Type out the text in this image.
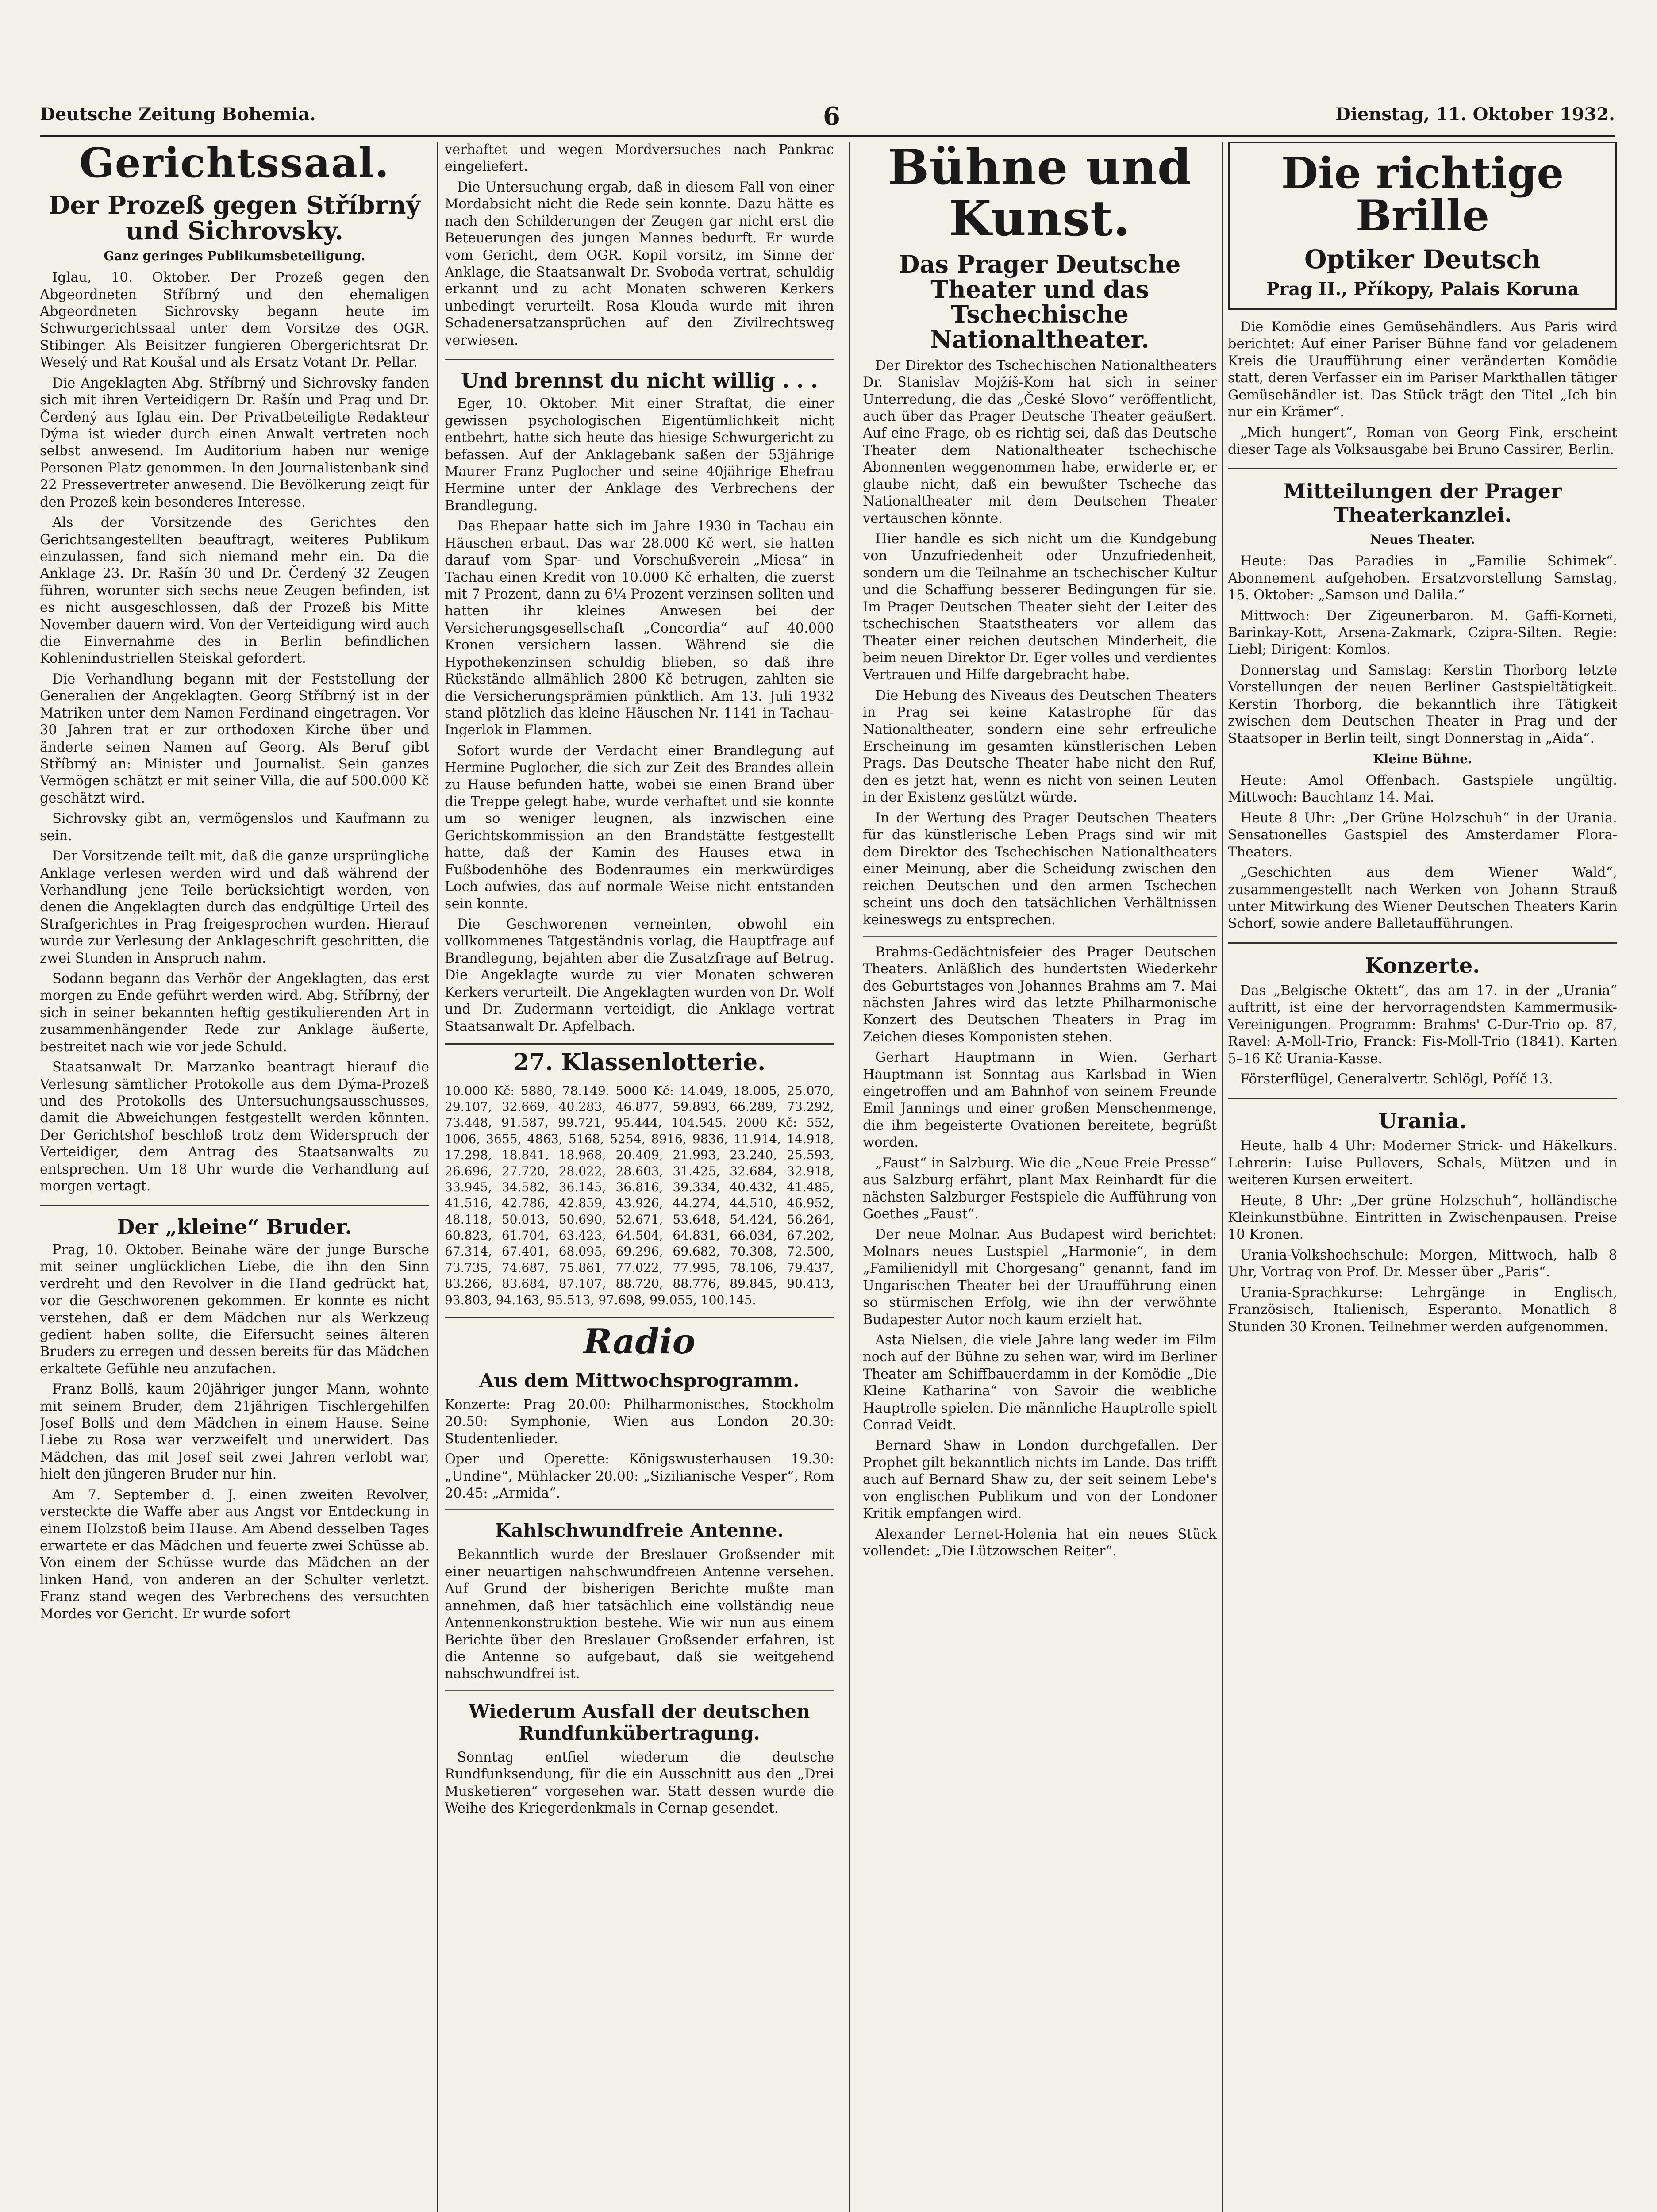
Deutsche Zeitung Bohemia.	6	Dienstag, 11. Oktober 1932.
Gerichtssaal.
Der Prozeß gegen Stříbrný und Sichrovsky.
Ganz geringes Publikumsbeteiligung.

Iglau, 10. Oktober. Der Prozeß gegen den Abgeordneten Stříbrný und den ehemaligen Abgeordneten Sichrovsky begann heute im Schwurgerichtssaal unter dem Vorsitze des OGR. Stibinger. Als Beisitzer fungieren Obergerichtsrat Dr. Weselý und Rat Koušal und als Ersatz Votant Dr. Pellar.

Die Angeklagten Abg. Stříbrný und Sichrovsky fanden sich mit ihren Verteidigern Dr. Rašín und Prag und Dr. Čerdený aus Iglau ein. Der Privatbeteiligte Redakteur Dýma ist wieder durch einen Anwalt vertreten noch selbst anwesend. Im Auditorium haben nur wenige Personen Platz genommen. In den Journalistenbank sind 22 Pressevertreter anwesend. Die Bevölkerung zeigt für den Prozeß kein besonderes Interesse.

Als der Vorsitzende des Gerichtes den Gerichtsangestellten beauftragt, weiteres Publikum einzulassen, fand sich niemand mehr ein. Da die Anklage 23. Dr. Rašín 30 und Dr. Čerdený 32 Zeugen führen, worunter sich sechs neue Zeugen befinden, ist es nicht ausgeschlossen, daß der Prozeß bis Mitte November dauern wird. Von der Verteidigung wird auch die Einvernahme des in Berlin befindlichen Kohlenindustriellen Steiskal gefordert.

Die Verhandlung begann mit der Feststellung der Generalien der Angeklagten. Georg Stříbrný ist in der Matriken unter dem Namen Ferdinand eingetragen. Vor 30 Jahren trat er zur orthodoxen Kirche über und änderte seinen Namen auf Georg. Als Beruf gibt Stříbrný an: Minister und Journalist. Sein ganzes Vermögen schätzt er mit seiner Villa, die auf 500.000 Kč geschätzt wird.

Sichrovsky gibt an, vermögenslos und Kaufmann zu sein.

Der Vorsitzende teilt mit, daß die ganze ursprüngliche Anklage verlesen werden wird und daß während der Verhandlung jene Teile berücksichtigt werden, von denen die Angeklagten durch das endgültige Urteil des Strafgerichtes in Prag freigesprochen wurden. Hierauf wurde zur Verlesung der Anklageschrift geschritten, die zwei Stunden in Anspruch nahm.

Sodann begann das Verhör der Angeklagten, das erst morgen zu Ende geführt werden wird. Abg. Stříbrný, der sich in seiner bekannten heftig gestikulierenden Art in zusammenhängender Rede zur Anklage äußerte, bestreitet nach wie vor jede Schuld.

Staatsanwalt Dr. Marzanko beantragt hierauf die Verlesung sämtlicher Protokolle aus dem Dýma-Prozeß und des Protokolls des Untersuchungsausschusses, damit die Abweichungen festgestellt werden könnten. Der Gerichtshof beschloß trotz dem Widerspruch der Verteidiger, dem Antrag des Staatsanwalts zu entsprechen. Um 18 Uhr wurde die Verhandlung auf morgen vertagt.

Der „kleine“ Bruder.

Prag, 10. Oktober. Beinahe wäre der junge Bursche mit seiner unglücklichen Liebe, die ihn den Sinn verdreht und den Revolver in die Hand gedrückt hat, vor die Geschworenen gekommen. Er konnte es nicht verstehen, daß er dem Mädchen nur als Werkzeug gedient haben sollte, die Eifersucht seines älteren Bruders zu erregen und dessen bereits für das Mädchen erkaltete Gefühle neu anzufachen.

Franz Bollš, kaum 20jähriger junger Mann, wohnte mit seinem Bruder, dem 21jährigen Tischlergehilfen Josef Bollš und dem Mädchen in einem Hause. Seine Liebe zu Rosa war verzweifelt und unerwidert. Das Mädchen, das mit Josef seit zwei Jahren verlobt war, hielt den jüngeren Bruder nur hin.

Am 7. September d. J. einen zweiten Revolver, versteckte die Waffe aber aus Angst vor Entdeckung in einem Holzstoß beim Hause. Am Abend desselben Tages erwartete er das Mädchen und feuerte zwei Schüsse ab. Von einem der Schüsse wurde das Mädchen an der linken Hand, von anderen an der Schulter verletzt. Franz stand wegen des Verbrechens des versuchten Mordes vor Gericht. Er wurde sofort

verhaftet und wegen Mordversuches nach Pankrac eingeliefert.

Die Untersuchung ergab, daß in diesem Fall von einer Mordabsicht nicht die Rede sein konnte. Dazu hätte es nach den Schilderungen der Zeugen gar nicht erst die Beteuerungen des jungen Mannes bedurft. Er wurde vom Gericht, dem OGR. Kopil vorsitz, im Sinne der Anklage, die Staatsanwalt Dr. Svoboda vertrat, schuldig erkannt und zu acht Monaten schweren Kerkers unbedingt verurteilt. Rosa Klouda wurde mit ihren Schadenersatzansprüchen auf den Zivilrechtsweg verwiesen.

Und brennst du nicht willig . . .

Eger, 10. Oktober. Mit einer Straftat, die einer gewissen psychologischen Eigentümlichkeit nicht entbehrt, hatte sich heute das hiesige Schwurgericht zu befassen. Auf der Anklagebank saßen der 53jährige Maurer Franz Puglocher und seine 40jährige Ehefrau Hermine unter der Anklage des Verbrechens der Brandlegung.

Das Ehepaar hatte sich im Jahre 1930 in Tachau ein Häuschen erbaut. Das war 28.000 Kč wert, sie hatten darauf vom Spar- und Vorschußverein „Miesa“ in Tachau einen Kredit von 10.000 Kč erhalten, die zuerst mit 7 Prozent, dann zu 6¼ Prozent verzinsen sollten und hatten ihr kleines Anwesen bei der Versicherungsgesellschaft „Concordia“ auf 40.000 Kronen versichern lassen. Während sie die Hypothekenzinsen schuldig blieben, so daß ihre Rückstände allmählich 2800 Kč betrugen, zahlten sie die Versicherungsprämien pünktlich. Am 13. Juli 1932 stand plötzlich das kleine Häuschen Nr. 1141 in Tachau-Ingerlok in Flammen.

Sofort wurde der Verdacht einer Brandlegung auf Hermine Puglocher, die sich zur Zeit des Brandes allein zu Hause befunden hatte, wobei sie einen Brand über die Treppe gelegt habe, wurde verhaftet und sie konnte um so weniger leugnen, als inzwischen eine Gerichtskommission an den Brandstätte festgestellt hatte, daß der Kamin des Hauses etwa in Fußbodenhöhe des Bodenraumes ein merkwürdiges Loch aufwies, das auf normale Weise nicht entstanden sein konnte.

Die Geschworenen verneinten, obwohl ein vollkommenes Tatgeständnis vorlag, die Hauptfrage auf Brandlegung, bejahten aber die Zusatzfrage auf Betrug. Die Angeklagte wurde zu vier Monaten schweren Kerkers verurteilt. Die Angeklagten wurden von Dr. Wolf und Dr. Zudermann verteidigt, die Anklage vertrat Staatsanwalt Dr. Apfelbach.

27. Klassenlotterie.
10.000 Kč: 5880, 78.149. 5000 Kč: 14.049, 18.005, 25.070, 29.107, 32.669, 40.283, 46.877, 59.893, 66.289, 73.292, 73.448, 91.587, 99.721, 95.444, 104.545. 2000 Kč: 552, 1006, 3655, 4863, 5168, 5254, 8916, 9836, 11.914, 14.918, 17.298, 18.841, 18.968, 20.409, 21.993, 23.240, 25.593, 26.696, 27.720, 28.022, 28.603, 31.425, 32.684, 32.918, 33.945, 34.582, 36.145, 36.816, 39.334, 40.432, 41.485, 41.516, 42.786, 42.859, 43.926, 44.274, 44.510, 46.952, 48.118, 50.013, 50.690, 52.671, 53.648, 54.424, 56.264, 60.823, 61.704, 63.423, 64.504, 64.831, 66.034, 67.202, 67.314, 67.401, 68.095, 69.296, 69.682, 70.308, 72.500, 73.735, 74.687, 75.861, 77.022, 77.995, 78.106, 79.437, 83.266, 83.684, 87.107, 88.720, 88.776, 89.845, 90.413, 93.803, 94.163, 95.513, 97.698, 99.055, 100.145.
Radio
Aus dem Mittwochsprogramm.

Konzerte: Prag 20.00: Philharmonisches, Stockholm 20.50: Symphonie, Wien aus London 20.30: Studentenlieder.

Oper und Operette: Königswusterhausen 19.30: „Undine“, Mühlacker 20.00: „Sizilianische Vesper“, Rom 20.45: „Armida“.

Kahlschwundfreie Antenne.

Bekanntlich wurde der Breslauer Großsender mit einer neuartigen nahschwundfreien Antenne versehen. Auf Grund der bisherigen Berichte mußte man annehmen, daß hier tatsächlich eine vollständig neue Antennenkonstruktion bestehe. Wie wir nun aus einem Berichte über den Breslauer Großsender erfahren, ist die Antenne so aufgebaut, daß sie weitgehend nahschwundfrei ist.

Wiederum Ausfall der deutschen Rundfunkübertragung.

Sonntag entfiel wiederum die deutsche Rundfunksendung, für die ein Ausschnitt aus den „Drei Musketieren“ vorgesehen war. Statt dessen wurde die Weihe des Kriegerdenkmals in Cernap gesendet.

Bühne und Kunst.
Das Prager Deutsche Theater und das Tschechische Nationaltheater.

Der Direktor des Tschechischen Nationaltheaters Dr. Stanislav Mojžíš-Kom hat sich in seiner Unterredung, die das „České Slovo“ veröffentlicht, auch über das Prager Deutsche Theater geäußert. Auf eine Frage, ob es richtig sei, daß das Deutsche Theater dem Nationaltheater tschechische Abonnenten weggenommen habe, erwiderte er, er glaube nicht, daß ein bewußter Tscheche das Nationaltheater mit dem Deutschen Theater vertauschen könnte.

Hier handle es sich nicht um die Kundgebung von Unzufriedenheit oder Unzufriedenheit, sondern um die Teilnahme an tschechischer Kultur und die Schaffung besserer Bedingungen für sie. Im Prager Deutschen Theater sieht der Leiter des tschechischen Staatstheaters vor allem das Theater einer reichen deutschen Minderheit, die beim neuen Direktor Dr. Eger volles und verdientes Vertrauen und Hilfe dargebracht habe.

Die Hebung des Niveaus des Deutschen Theaters in Prag sei keine Katastrophe für das Nationaltheater, sondern eine sehr erfreuliche Erscheinung im gesamten künstlerischen Leben Prags. Das Deutsche Theater habe nicht den Ruf, den es jetzt hat, wenn es nicht von seinen Leuten in der Existenz gestützt würde.

In der Wertung des Prager Deutschen Theaters für das künstlerische Leben Prags sind wir mit dem Direktor des Tschechischen Nationaltheaters einer Meinung, aber die Scheidung zwischen den reichen Deutschen und den armen Tschechen scheint uns doch den tatsächlichen Verhältnissen keineswegs zu entsprechen.

Brahms-Gedächtnisfeier des Prager Deutschen Theaters. Anläßlich des hundertsten Wiederkehr des Geburtstages von Johannes Brahms am 7. Mai nächsten Jahres wird das letzte Philharmonische Konzert des Deutschen Theaters in Prag im Zeichen dieses Komponisten stehen.

Gerhart Hauptmann in Wien. Gerhart Hauptmann ist Sonntag aus Karlsbad in Wien eingetroffen und am Bahnhof von seinem Freunde Emil Jannings und einer großen Menschenmenge, die ihm begeisterte Ovationen bereitete, begrüßt worden.

„Faust“ in Salzburg. Wie die „Neue Freie Presse“ aus Salzburg erfährt, plant Max Reinhardt für die nächsten Salzburger Festspiele die Aufführung von Goethes „Faust“.

Der neue Molnar. Aus Budapest wird berichtet: Molnars neues Lustspiel „Harmonie“, in dem „Familienidyll mit Chorgesang“ genannt, fand im Ungarischen Theater bei der Uraufführung einen so stürmischen Erfolg, wie ihn der verwöhnte Budapester Autor noch kaum erzielt hat.

Asta Nielsen, die viele Jahre lang weder im Film noch auf der Bühne zu sehen war, wird im Berliner Theater am Schiffbauerdamm in der Komödie „Die Kleine Katharina“ von Savoir die weibliche Hauptrolle spielen. Die männliche Hauptrolle spielt Conrad Veidt.

Bernard Shaw in London durchgefallen. Der Prophet gilt bekanntlich nichts im Lande. Das trifft auch auf Bernard Shaw zu, der seit seinem Lebe's von englischen Publikum und von der Londoner Kritik empfangen wird.

Alexander Lernet-Holenia hat ein neues Stück vollendet: „Die Lützowschen Reiter“.

Die richtige Brille
Optiker Deutsch
Prag II., Příkopy, Palais Koruna

Die Komödie eines Gemüsehändlers. Aus Paris wird berichtet: Auf einer Pariser Bühne fand vor geladenem Kreis die Uraufführung einer veränderten Komödie statt, deren Verfasser ein im Pariser Markthallen tätiger Gemüsehändler ist. Das Stück trägt den Titel „Ich bin nur ein Krämer“.

„Mich hungert“, Roman von Georg Fink, erscheint dieser Tage als Volksausgabe bei Bruno Cassirer, Berlin.

Mitteilungen der Prager Theaterkanzlei.
Neues Theater.

Heute: Das Paradies in „Familie Schimek“. Abonnement aufgehoben. Ersatzvorstellung Samstag, 15. Oktober: „Samson und Dalila.“

Mittwoch: Der Zigeunerbaron. M. Gaffi-Korneti, Barinkay-Kott, Arsena-Zakmark, Czipra-Silten. Regie: Liebl; Dirigent: Komlos.

Donnerstag und Samstag: Kerstin Thorborg letzte Vorstellungen der neuen Berliner Gastspieltätigkeit. Kerstin Thorborg, die bekanntlich ihre Tätigkeit zwischen dem Deutschen Theater in Prag und der Staatsoper in Berlin teilt, singt Donnerstag in „Aida“.

Kleine Bühne.

Heute: Amol Offenbach. Gastspiele ungültig. Mittwoch: Bauchtanz 14. Mai.

Heute 8 Uhr: „Der Grüne Holzschuh“ in der Urania. Sensationelles Gastspiel des Amsterdamer Flora-Theaters.

„Geschichten aus dem Wiener Wald“, zusammengestellt nach Werken von Johann Strauß unter Mitwirkung des Wiener Deutschen Theaters Karin Schorf, sowie andere Balletaufführungen.

Konzerte.

Das „Belgische Oktett“, das am 17. in der „Urania“ auftritt, ist eine der hervorragendsten Kammermusik-Vereinigungen. Programm: Brahms' C-Dur-Trio op. 87, Ravel: A-Moll-Trio, Franck: Fis-Moll-Trio (1841). Karten 5–16 Kč Urania-Kasse.

Försterflügel, Generalvertr. Schlögl, Poříč 13.

Urania.

Heute, halb 4 Uhr: Moderner Strick- und Häkelkurs. Lehrerin: Luise Pullovers, Schals, Mützen und in weiteren Kursen erweitert.

Heute, 8 Uhr: „Der grüne Holzschuh“, holländische Kleinkunstbühne. Eintritten in Zwischenpausen. Preise 10 Kronen.

Urania-Volkshochschule: Morgen, Mittwoch, halb 8 Uhr, Vortrag von Prof. Dr. Messer über „Paris“.

Urania-Sprachkurse: Lehrgänge in Englisch, Französisch, Italienisch, Esperanto. Monatlich 8 Stunden 30 Kronen. Teilnehmer werden aufgenommen.
